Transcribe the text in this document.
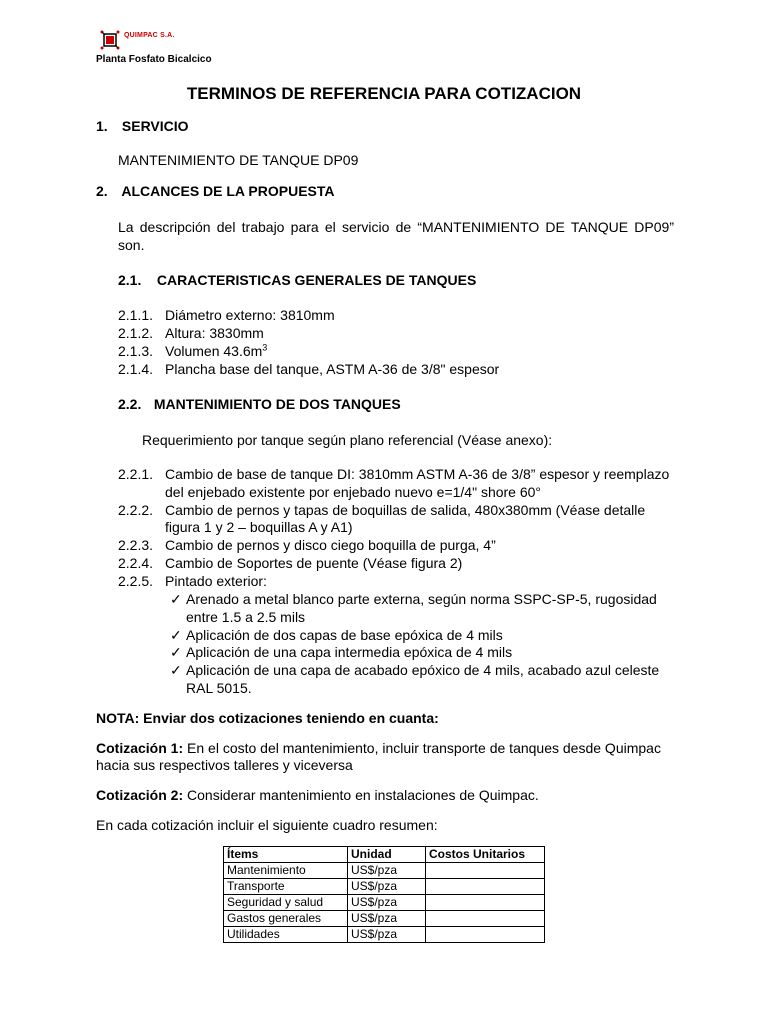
QUIMPAC S.A.
Planta Fosfato Bicalcico
TERMINOS DE REFERENCIA PARA COTIZACION
1. SERVICIO
MANTENIMIENTO DE TANQUE DP09
2. ALCANCES DE LA PROPUESTA
La descripción del trabajo para el servicio de “MANTENIMIENTO DE TANQUE DP09” son.
2.1. CARACTERISTICAS GENERALES DE TANQUES
2.1.1. Diámetro externo: 3810mm
2.1.2. Altura: 3830mm
2.1.3. Volumen $43.6m^3$
2.1.4. Plancha base del tanque, ASTM A-36 de 3/8" espesor
2.2. MANTENIMIENTO DE DOS TANQUES
Requerimiento por tanque según plano referencial (Véase anexo):
2.2.1. Cambio de base de tanque DI: 3810mm ASTM A-36 de 3/8” espesor y reemplazo
del enjebado existente por enjebado nuevo e=1/4" shore 60°
2.2.2. Cambio de pernos y tapas de boquillas de salida, 480x380mm (Véase detalle
figura 1 y 2 – boquillas A y A1)
2.2.3. Cambio de pernos y disco ciego boquilla de purga, 4”
2.2.4. Cambio de Soportes de puente (Véase figura 2)
2.2.5. Pintado exterior:
✓ Arenado a metal blanco parte externa, según norma SSPC-SP-5, rugosidad
entre 1.5 a 2.5 mils
✓ Aplicación de dos capas de base epóxica de 4 mils
✓ Aplicación de una capa intermedia epóxica de 4 mils
✓ Aplicación de una capa de acabado epóxico de 4 mils, acabado azul celeste
RAL 5015.
NOTA: Enviar dos cotizaciones teniendo en cuanta:
Cotización 1: En el costo del mantenimiento, incluir transporte de tanques desde Quimpac
hacia sus respectivos talleres y viceversa
Cotización 2: Considerar mantenimiento en instalaciones de Quimpac.
En cada cotización incluir el siguiente cuadro resumen:
Ítems	Unidad	Costos Unitarios
Mantenimiento	US$/pza	
Transporte	US$/pza	
Seguridad y salud	US$/pza	
Gastos generales	US$/pza	
Utilidades	US$/pza	
